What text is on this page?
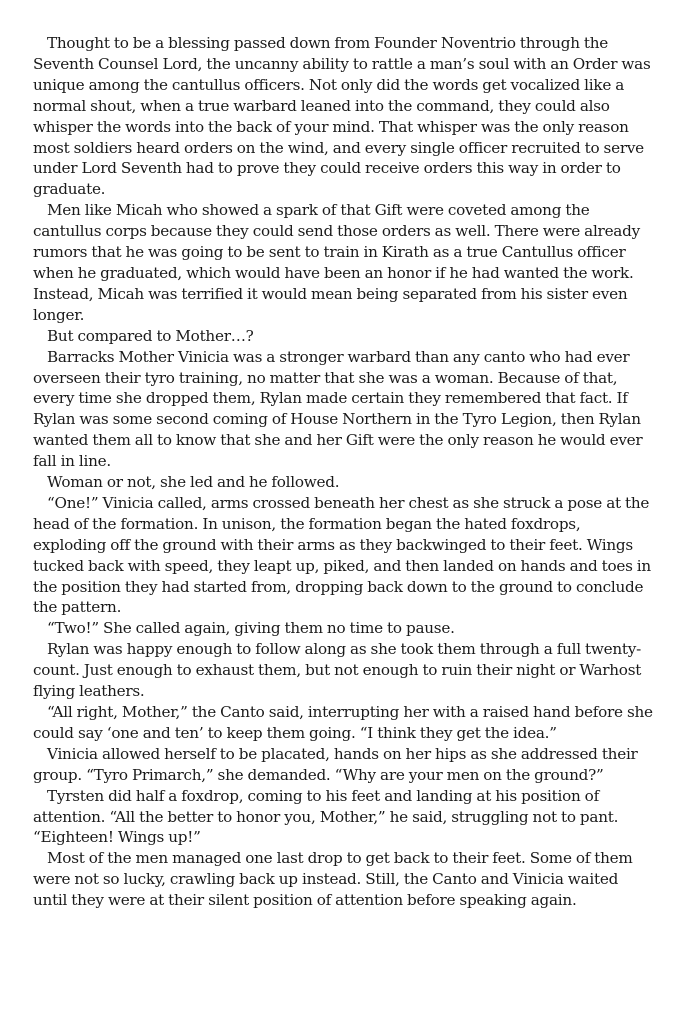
Thought to be a blessing passed down from Founder Noventrio through the Seventh Counsel Lord, the uncanny ability to rattle a man’s soul with an Order was unique among the cantullus officers. Not only did the words get vocalized like a normal shout, when a true warbard leaned into the command, they could also whisper the words into the back of your mind. That whisper was the only reason most soldiers heard orders on the wind, and every single officer recruited to serve under Lord Seventh had to prove they could receive orders this way in order to graduate.

Men like Micah who showed a spark of that Gift were coveted among the cantullus corps because they could send those orders as well. There were already rumors that he was going to be sent to train in Kirath as a true Cantullus officer when he graduated, which would have been an honor if he had wanted the work. Instead, Micah was terrified it would mean being separated from his sister even longer.

But compared to Mother…?

Barracks Mother Vinicia was a stronger warbard than any canto who had ever overseen their tyro training, no matter that she was a woman. Because of that, every time she dropped them, Rylan made certain they remembered that fact. If Rylan was some second coming of House Northern in the Tyro Legion, then Rylan wanted them all to know that she and her Gift were the only reason he would ever fall in line.

Woman or not, she led and he followed.

“One!” Vinicia called, arms crossed beneath her chest as she struck a pose at the head of the formation. In unison, the formation began the hated foxdrops, exploding off the ground with their arms as they backwinged to their feet. Wings tucked back with speed, they leapt up, piked, and then landed on hands and toes in the position they had started from, dropping back down to the ground to conclude the pattern.

“Two!” She called again, giving them no time to pause.

Rylan was happy enough to follow along as she took them through a full twenty-count. Just enough to exhaust them, but not enough to ruin their night or Warhost flying leathers.

“All right, Mother,” the Canto said, interrupting her with a raised hand before she could say ‘one and ten’ to keep them going. “I think they get the idea.”

Vinicia allowed herself to be placated, hands on her hips as she addressed their group. “Tyro Primarch,” she demanded. “Why are your men on the ground?”

Tyrsten did half a foxdrop, coming to his feet and landing at his position of attention. “All the better to honor you, Mother,” he said, struggling not to pant. “Eighteen! Wings up!”

Most of the men managed one last drop to get back to their feet. Some of them were not so lucky, crawling back up instead. Still, the Canto and Vinicia waited until they were at their silent position of attention before speaking again.
